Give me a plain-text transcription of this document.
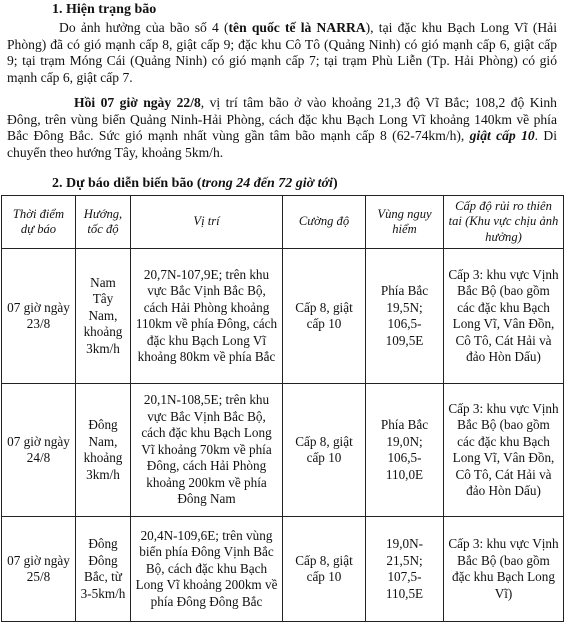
1. Hiện trạng bão
Do ảnh hưởng của bão số 4 (tên quốc tế là NARRA), tại đặc khu Bạch Long Vĩ (Hải Phòng) đã có gió mạnh cấp 8, giật cấp 9; đặc khu Cô Tô (Quảng Ninh) có gió mạnh cấp 6, giật cấp 9; tại trạm Móng Cái (Quảng Ninh) có gió mạnh cấp 7; tại trạm Phù Liễn (Tp. Hải Phòng) có gió mạnh cấp 6, giật cấp 7.
Hồi 07 giờ ngày 22/8, vị trí tâm bão ở vào khoảng 21,3 độ Vĩ Bắc; 108,2 độ Kinh Đông, trên vùng biển Quảng Ninh-Hải Phòng, cách đặc khu Bạch Long Vĩ khoảng 140km về phía Bắc Đông Bắc. Sức gió mạnh nhất vùng gần tâm bão mạnh cấp 8 (62-74km/h), giật cấp 10. Di chuyển theo hướng Tây, khoảng 5km/h.
2. Dự báo diễn biến bão (trong 24 đến 72 giờ tới)
Thời điểm dự báo	Hướng, tốc độ	Vị trí	Cường độ	Vùng nguy hiểm	Cấp độ rủi ro thiên tai (Khu vực chịu ảnh hưởng)
07 giờ ngày 23/8	Nam Tây Nam, khoảng 3km/h	20,7N-107,9E; trên khu vực Bắc Vịnh Bắc Bộ, cách Hải Phòng khoảng 110km về phía Đông, cách đặc khu Bạch Long Vĩ khoảng 80km về phía Bắc	Cấp 8, giật cấp 10	Phía Bắc 19,5N; 106,5-109,5E	Cấp 3: khu vực Vịnh Bắc Bộ (bao gồm các đặc khu Bạch Long Vĩ, Vân Đồn, Cô Tô, Cát Hải và đảo Hòn Dấu)
07 giờ ngày 24/8	Đông Nam, khoảng 3km/h	20,1N-108,5E; trên khu vực Bắc Vịnh Bắc Bộ, cách đặc khu Bạch Long Vĩ khoảng 70km về phía Đông, cách Hải Phòng khoảng 200km về phía Đông Nam	Cấp 8, giật cấp 10	Phía Bắc 19,0N; 106,5-110,0E	Cấp 3: khu vực Vịnh Bắc Bộ (bao gồm các đặc khu Bạch Long Vĩ, Vân Đồn, Cô Tô, Cát Hải và đảo Hòn Dấu)
07 giờ ngày 25/8	Đông Đông Bắc, từ 3-5km/h	20,4N-109,6E; trên vùng biển phía Đông Vịnh Bắc Bộ, cách đặc khu Bạch Long Vĩ khoảng 200km về phía Đông Đông Bắc	Cấp 8, giật cấp 10	19,0N-21,5N; 107,5-110,5E	Cấp 3: khu vực Vịnh Bắc Bộ (bao gồm đặc khu Bạch Long Vĩ)
